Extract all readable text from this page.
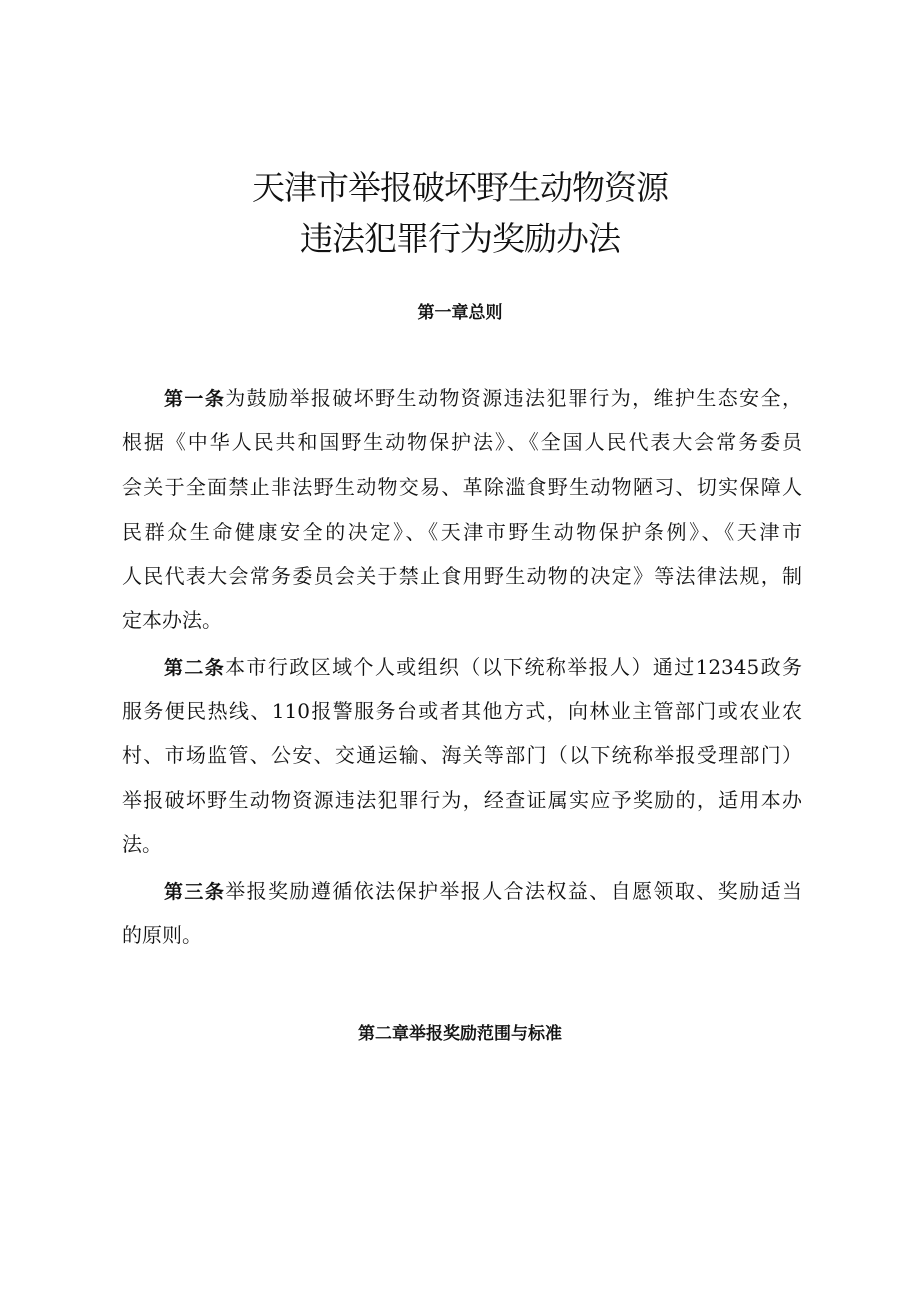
天津市举报破坏野生动物资源
违法犯罪行为奖励办法
第一章总则
第一条为鼓励举报破坏野生动物资源违法犯罪行为，维护生态安全，
根据《中华人民共和国野生动物保护法》、《全国人民代表大会常务委员
会关于全面禁止非法野生动物交易、革除滥食野生动物陋习、切实保障人
民群众生命健康安全的决定》、《天津市野生动物保护条例》、《天津市
人民代表大会常务委员会关于禁止食用野生动物的决定》等法律法规，制
定本办法。
第二条本市行政区域个人或组织（以下统称举报人）通过12345政务
服务便民热线、110报警服务台或者其他方式，向林业主管部门或农业农
村、市场监管、公安、交通运输、海关等部门（以下统称举报受理部门）
举报破坏野生动物资源违法犯罪行为，经查证属实应予奖励的，适用本办
法。
第三条举报奖励遵循依法保护举报人合法权益、自愿领取、奖励适当
的原则。
第二章举报奖励范围与标准
